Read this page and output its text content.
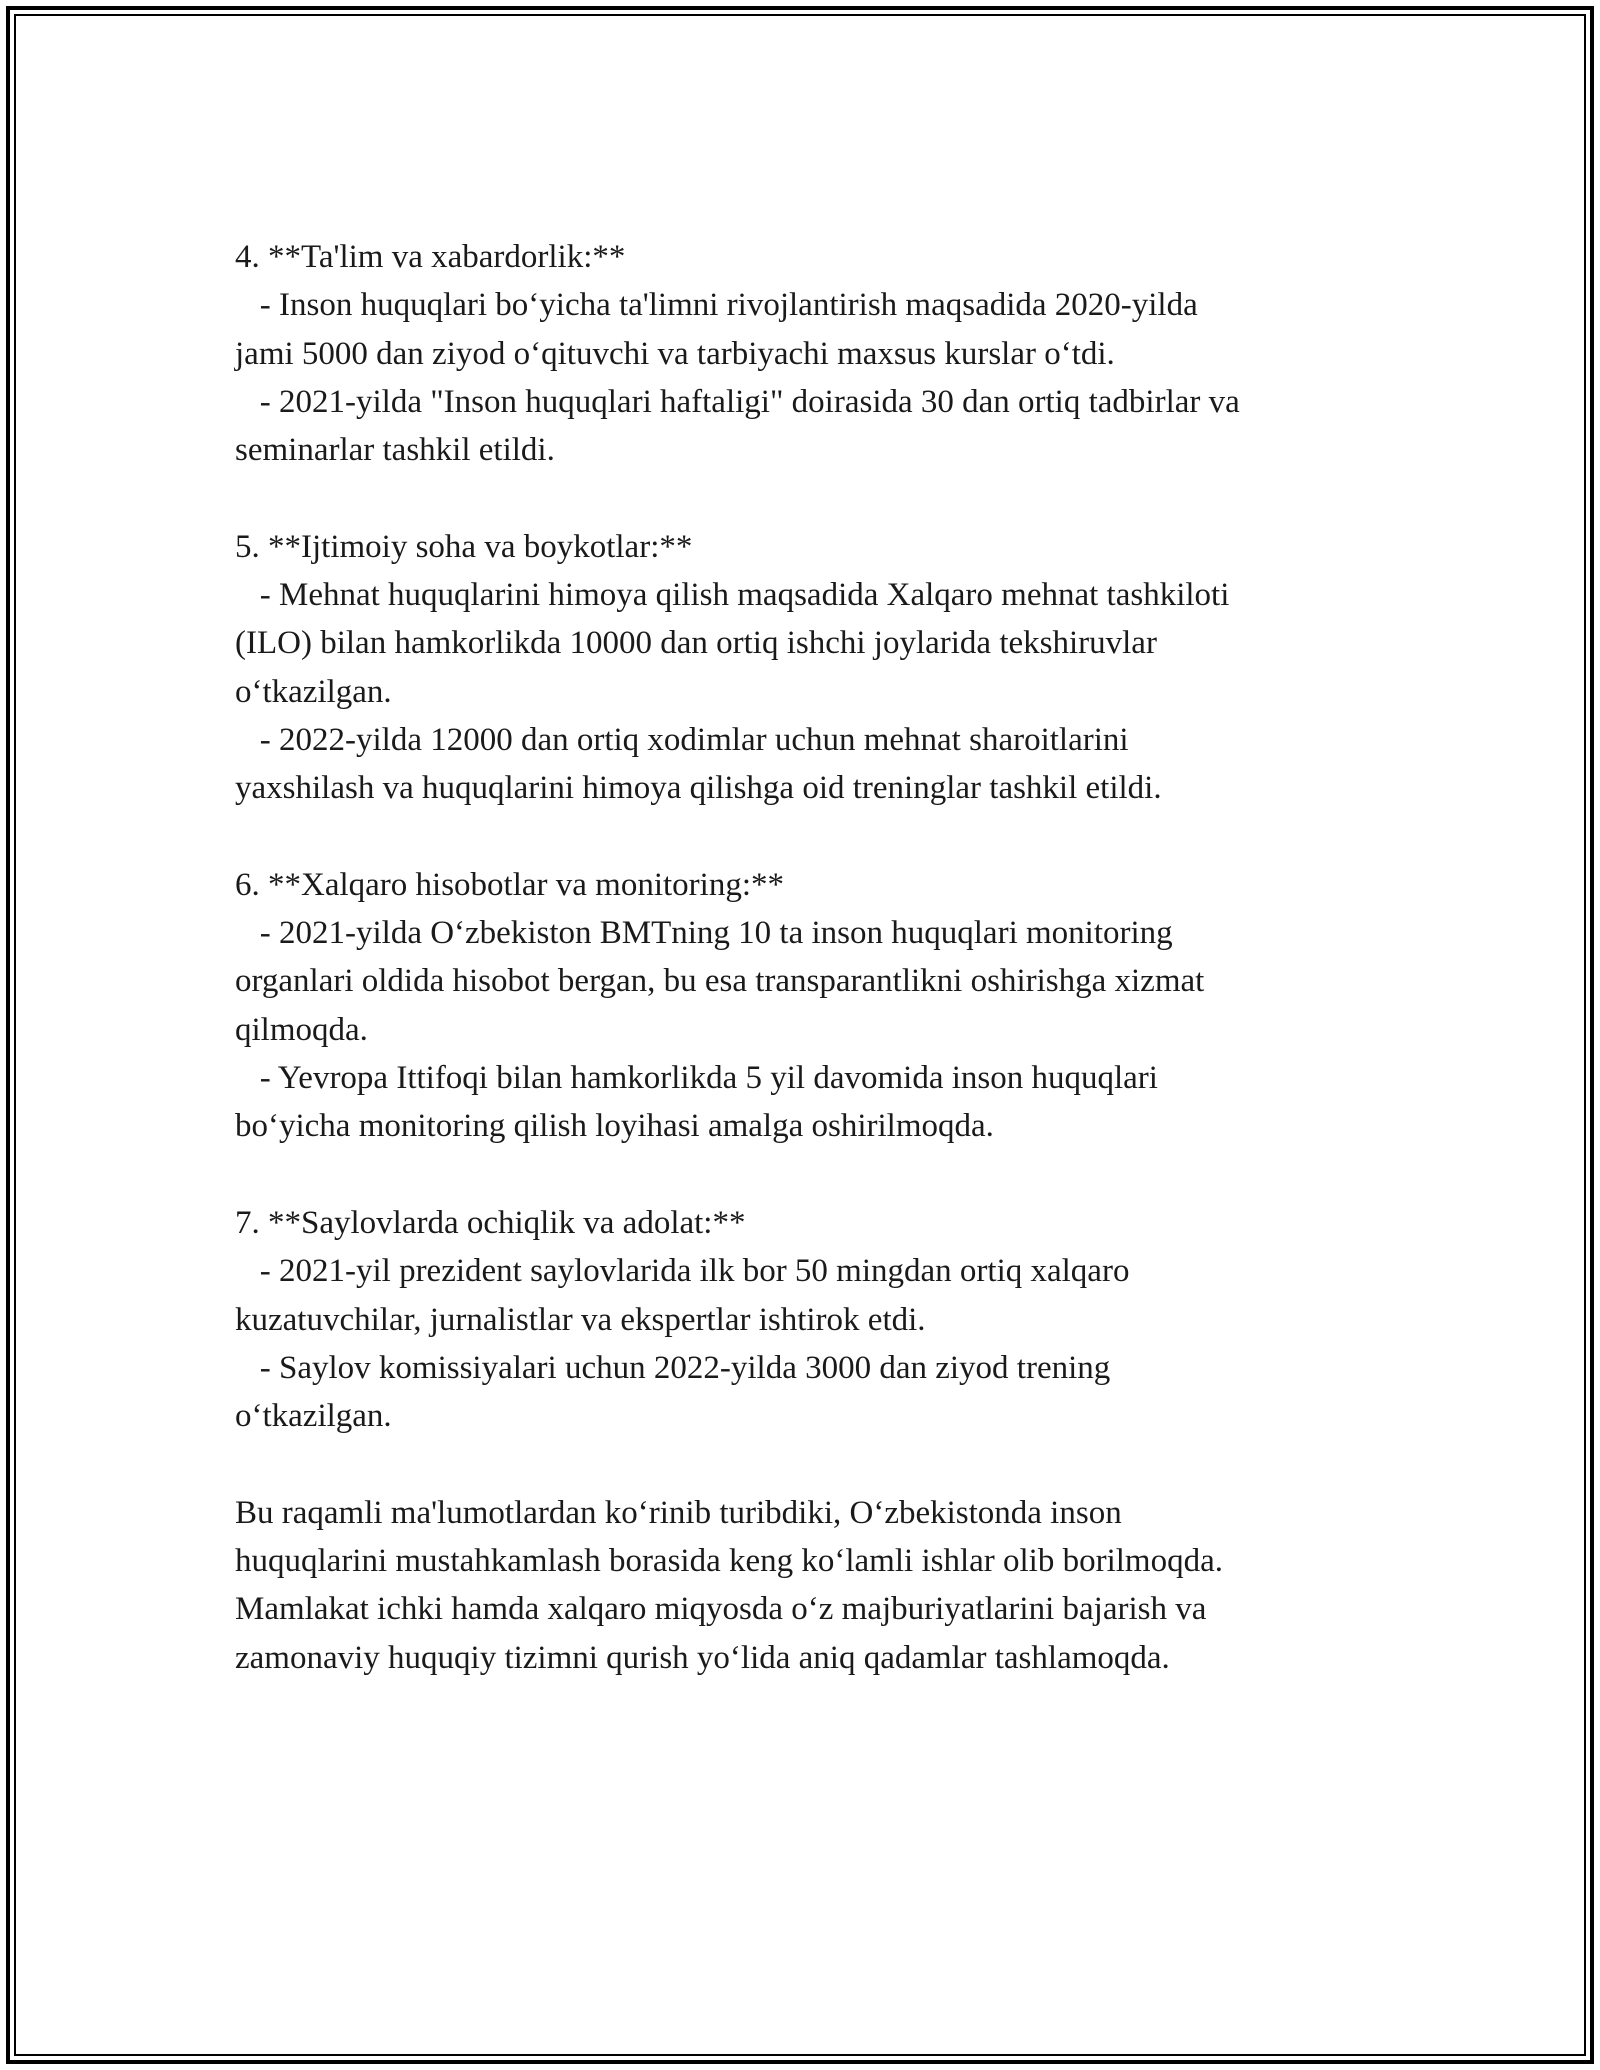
4. **Ta'lim va xabardorlik:**
- Inson huquqlari bo‘yicha ta'limni rivojlantirish maqsadida 2020-yilda
jami 5000 dan ziyod o‘qituvchi va tarbiyachi maxsus kurslar o‘tdi.
- 2021-yilda "Inson huquqlari haftaligi" doirasida 30 dan ortiq tadbirlar va
seminarlar tashkil etildi.
5. **Ijtimoiy soha va boykotlar:**
- Mehnat huquqlarini himoya qilish maqsadida Xalqaro mehnat tashkiloti
(ILO) bilan hamkorlikda 10000 dan ortiq ishchi joylarida tekshiruvlar
o‘tkazilgan.
- 2022-yilda 12000 dan ortiq xodimlar uchun mehnat sharoitlarini
yaxshilash va huquqlarini himoya qilishga oid treninglar tashkil etildi.
6. **Xalqaro hisobotlar va monitoring:**
- 2021-yilda O‘zbekiston BMTning 10 ta inson huquqlari monitoring
organlari oldida hisobot bergan, bu esa transparantlikni oshirishga xizmat
qilmoqda.
- Yevropa Ittifoqi bilan hamkorlikda 5 yil davomida inson huquqlari
bo‘yicha monitoring qilish loyihasi amalga oshirilmoqda.
7. **Saylovlarda ochiqlik va adolat:**
- 2021-yil prezident saylovlarida ilk bor 50 mingdan ortiq xalqaro
kuzatuvchilar, jurnalistlar va ekspertlar ishtirok etdi.
- Saylov komissiyalari uchun 2022-yilda 3000 dan ziyod trening
o‘tkazilgan.
Bu raqamli ma'lumotlardan ko‘rinib turibdiki, O‘zbekistonda inson
huquqlarini mustahkamlash borasida keng ko‘lamli ishlar olib borilmoqda.
Mamlakat ichki hamda xalqaro miqyosda o‘z majburiyatlarini bajarish va
zamonaviy huquqiy tizimni qurish yo‘lida aniq qadamlar tashlamoqda.
